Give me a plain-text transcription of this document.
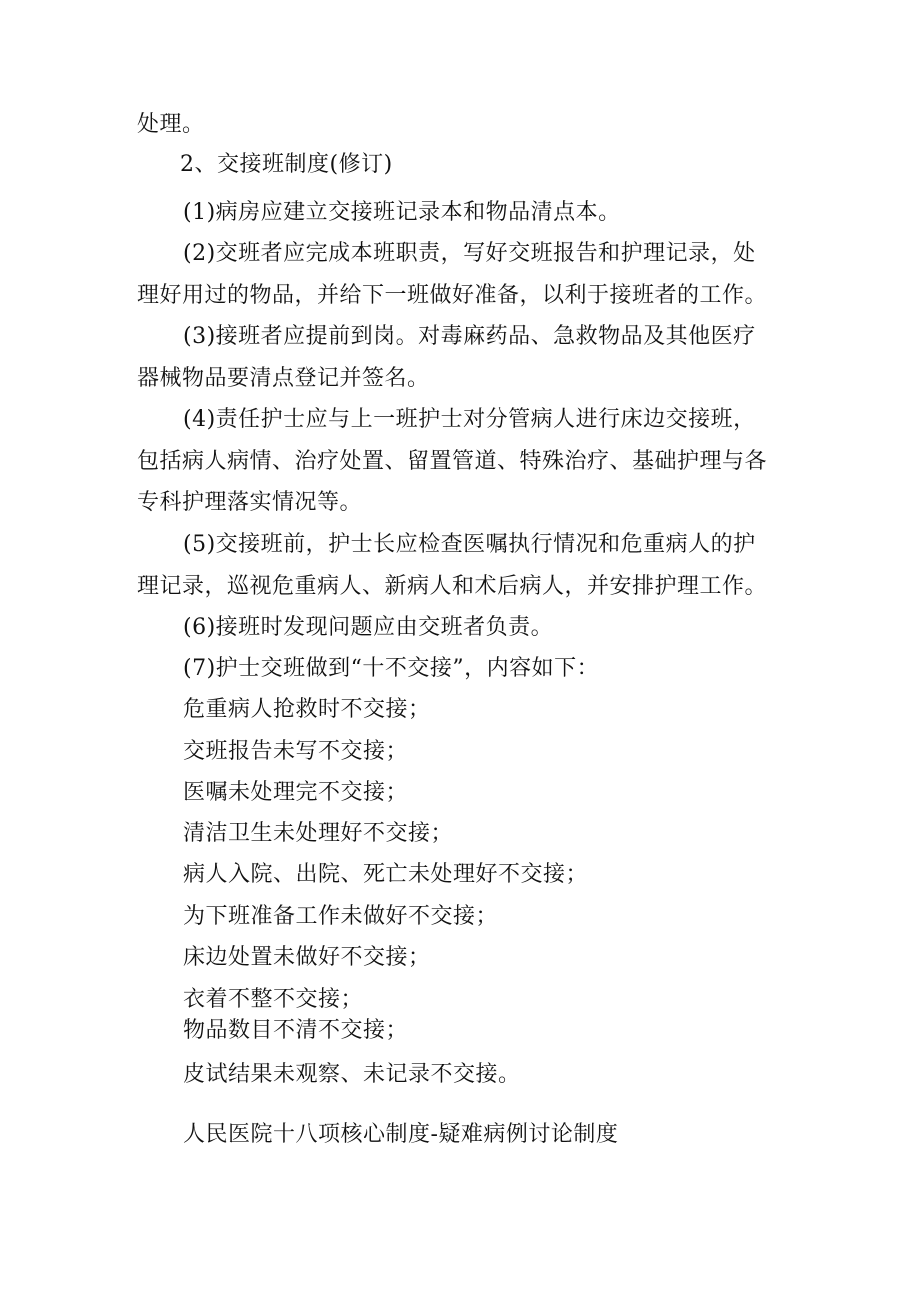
处理。
2、交接班制度(修订)
(1)病房应建立交接班记录本和物品清点本。
(2)交班者应完成本班职责，写好交班报告和护理记录，处
理好用过的物品，并给下一班做好准备，以利于接班者的工作。
(3)接班者应提前到岗。对毒麻药品、急救物品及其他医疗
器械物品要清点登记并签名。
(4)责任护士应与上一班护士对分管病人进行床边交接班，
包括病人病情、治疗处置、留置管道、特殊治疗、基础护理与各
专科护理落实情况等。
(5)交接班前，护士长应检查医嘱执行情况和危重病人的护
理记录，巡视危重病人、新病人和术后病人，并安排护理工作。
(6)接班时发现问题应由交班者负责。
(7)护士交班做到“十不交接”，内容如下：
危重病人抢救时不交接；
交班报告未写不交接；
医嘱未处理完不交接；
清洁卫生未处理好不交接；
病人入院、出院、死亡未处理好不交接；
为下班准备工作未做好不交接；
床边处置未做好不交接；
衣着不整不交接；
物品数目不清不交接；
皮试结果未观察、未记录不交接。
人民医院十八项核心制度-疑难病例讨论制度
